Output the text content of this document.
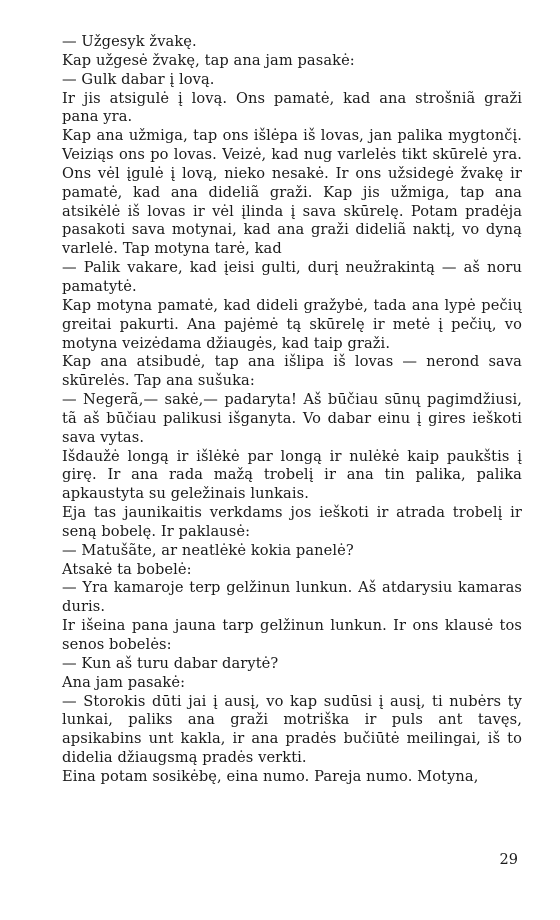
— Užgesyk žvakę.

Kap užgesė žvakę, tap ana jam pasakė:

— Gulk dabar į lovą.

Ir jis atsigulė į lovą. Ons pamatė, kad ana strošniã graži pana yra.

Kap ana užmiga, tap ons išlėpa iš lovas, jan palika mygtončį. Veiziąs ons po lovas. Veizė, kad nug varlelės tikt skūrelė yra. Ons vėl įgulė į lovą, nieko nesakė. Ir ons užsidegė žvakę ir pamatė, kad ana dideliã graži. Kap jis užmiga, tap ana atsikėlė iš lovas ir vėl įlinda į sava skūrelę. Potam pradėja pasakoti sava motynai, kad ana graži dideliã naktį, vo dyną varlelė. Tap motyna tarė, kad

— Palik vakare, kad įeisi gulti, durį neužrakintą — aš noru pamatytė.

Kap motyna pamatė, kad dideli gražybė, tada ana lypė pečių greitai pakurti. Ana pajėmė tą skūrelę ir metė į pečių, vo motyna veizėdama džiaugės, kad taip graži.

Kap ana atsibudė, tap ana išlipa iš lovas — nerond sava skūrelės. Tap ana sušuka:

— Negerã,— sakė,— padaryta! Aš būčiau sūnų pagimdžiusi, tã aš būčiau palikusi išganyta. Vo dabar einu į gires ieškoti sava vytas.

Išdaužė longą ir išlėkė par longą ir nulėkė kaip paukštis į girę. Ir ana rada mažą trobelį ir ana tin palika, palika apkaustyta su geležinais lunkais.

Eja tas jaunikaitis verkdams jos ieškoti ir atrada trobelį ir seną bobelę. Ir paklausė:

— Matušãte, ar neatlėkė kokia panelė?

Atsakė ta bobelė:

— Yra kamaroje terp gelžinun lunkun. Aš atdarysiu kamaras duris.

Ir išeina pana jauna tarp gelžinun lunkun. Ir ons klausė tos senos bobelės:

— Kun aš turu dabar darytė?

Ana jam pasakė:

— Storokis dūti jai į ausį, vo kap sudūsi į ausį, ti nubėrs ty lunkai, paliks ana graži motriška ir puls ant tavęs, apsikabins unt kakla, ir ana pradės bučiūtė meilingai, iš to didelia džiaugsmą pradės verkti.

Eina potam sosikėbę, eina numo. Pareja numo. Motyna,

29
